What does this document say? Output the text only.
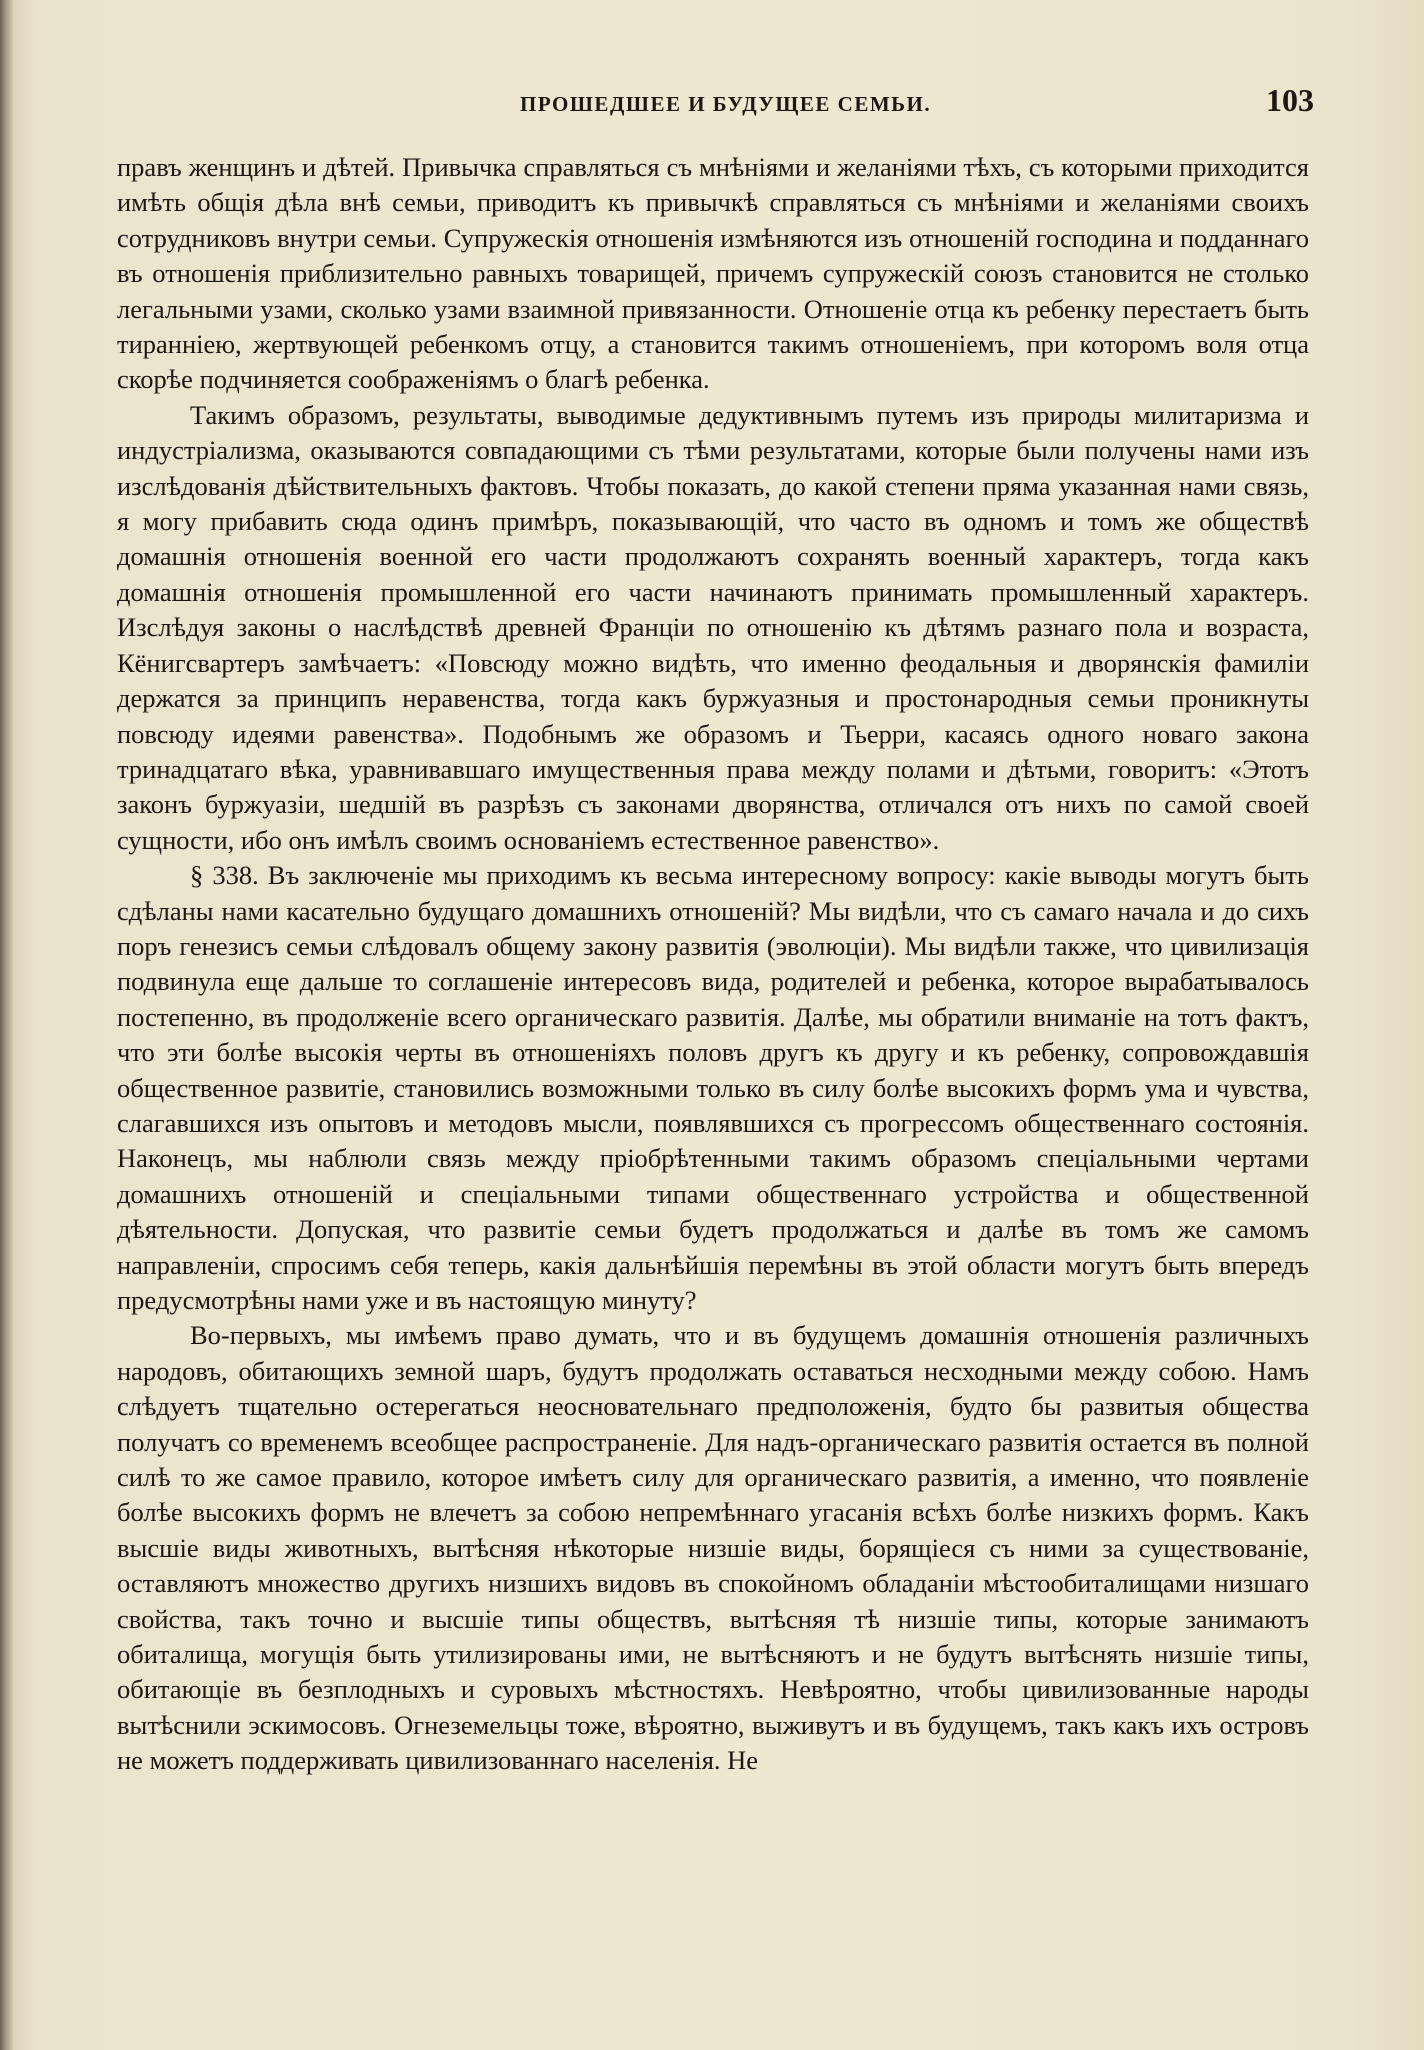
ПРОШЕДШЕЕ И БУДУЩЕЕ СЕМЬИ.	103

правъ женщинъ и дѣтей. Привычка справляться съ мнѣніями и желаніями тѣхъ, съ которыми приходится имѣть общія дѣла внѣ семьи, приводитъ къ привычкѣ справляться съ мнѣніями и желаніями своихъ сотрудниковъ внутри семьи. Супружескія отношенія измѣняются изъ отношеній господина и подданнаго въ отношенія приблизительно равныхъ товарищей, причемъ супружескій союзъ становится не столько легальными узами, сколько узами взаимной привязанности. Отношеніе отца къ ребенку перестаетъ быть тираннiею, жертвующей ребенкомъ отцу, а становится такимъ отношеніемъ, при которомъ воля отца скорѣе подчиняется соображеніямъ о благѣ ребенка.

Такимъ образомъ, результаты, выводимые дедуктивнымъ путемъ изъ природы милитаризма и индустріализма, оказываются совпадающими съ тѣми результатами, которые были получены нами изъ изслѣдованія дѣйствительныхъ фактовъ. Чтобы показать, до какой степени пряма указанная нами связь, я могу прибавить сюда одинъ примѣръ, показывающій, что часто въ одномъ и томъ же обществѣ домашнія отношенія военной его части продолжаютъ сохранять военный характеръ, тогда какъ домашнія отношенія промышленной его части начинаютъ принимать промышленный характеръ. Изслѣдуя законы о наслѣдствѣ древней Франціи по отношенію къ дѣтямъ разнаго пола и возраста, Кёнигсвартеръ замѣчаетъ: «Повсюду можно видѣть, что именно феодальныя и дворянскія фамиліи держатся за принципъ неравенства, тогда какъ буржуазныя и простонародныя семьи проникнуты повсюду идеями равенства». Подобнымъ же образомъ и Тьерри, касаясь одного новаго закона тринадцатаго вѣка, уравнивавшаго имущественныя права между полами и дѣтьми, говоритъ: «Этотъ законъ буржуазіи, шедшій въ разрѣзъ съ законами дворянства, отличался отъ нихъ по самой своей сущности, ибо онъ имѣлъ своимъ основаніемъ естественное равенство».

§ 338. Въ заключеніе мы приходимъ къ весьма интересному вопросу: какіе выводы могутъ быть сдѣланы нами касательно будущаго домашнихъ отношеній? Мы видѣли, что съ самаго начала и до сихъ поръ генезисъ семьи слѣдовалъ общему закону развитія (эволюціи). Мы видѣли также, что цивилизація подвинула еще дальше то соглашеніе интересовъ вида, родителей и ребенка, которое вырабатывалось постепенно, въ продолженіе всего органическаго развитія. Далѣе, мы обратили вниманіе на тотъ фактъ, что эти болѣе высокія черты въ отношеніяхъ половъ другъ къ другу и къ ребенку, сопровождавшія общественное развитіе, становились возможными только въ силу болѣе высокихъ формъ ума и чувства, слагавшихся изъ опытовъ и методовъ мысли, появлявшихся съ прогрессомъ общественнаго состоянія. Наконецъ, мы наблюли связь между пріобрѣтенными такимъ образомъ спеціальными чертами домашнихъ отношеній и спеціальными типами общественнаго устройства и общественной дѣятельности. Допуская, что развитіе семьи будетъ продолжаться и далѣе въ томъ же самомъ направленіи, спросимъ себя теперь, какія дальнѣйшія перемѣны въ этой области могутъ быть впередъ предусмотрѣны нами уже и въ настоящую минуту?

Во-первыхъ, мы имѣемъ право думать, что и въ будущемъ домашнія отношенія различныхъ народовъ, обитающихъ земной шаръ, будутъ продолжать оставаться несходными между собою. Намъ слѣдуетъ тщательно остерегаться неосновательнаго предположенія, будто бы развитыя общества получатъ со временемъ всеобщее распространеніе. Для надъ-органическаго развитія остается въ полной силѣ то же самое правило, которое имѣетъ силу для органическаго развитія, а именно, что появленіе болѣе высокихъ формъ не влечетъ за собою непремѣннаго угасанія всѣхъ болѣе низкихъ формъ. Какъ высшіе виды животныхъ, вытѣсняя нѣкоторые низшіе виды, борящіеся съ ними за существованіе, оставляютъ множество другихъ низшихъ видовъ въ спокойномъ обладаніи мѣстообиталищами низшаго свойства, такъ точно и высшіе типы обществъ, вытѣсняя тѣ низшіе типы, которые занимаютъ обиталища, могущія быть утилизированы ими, не вытѣсняютъ и не будутъ вытѣснять низшіе типы, обитающіе въ безплодныхъ и суровыхъ мѣстностяхъ. Невѣроятно, чтобы цивилизованные народы вытѣснили эскимосовъ. Огнеземельцы тоже, вѣроятно, выживутъ и въ будущемъ, такъ какъ ихъ островъ не можетъ поддерживать цивилизованнаго населенія. Не
